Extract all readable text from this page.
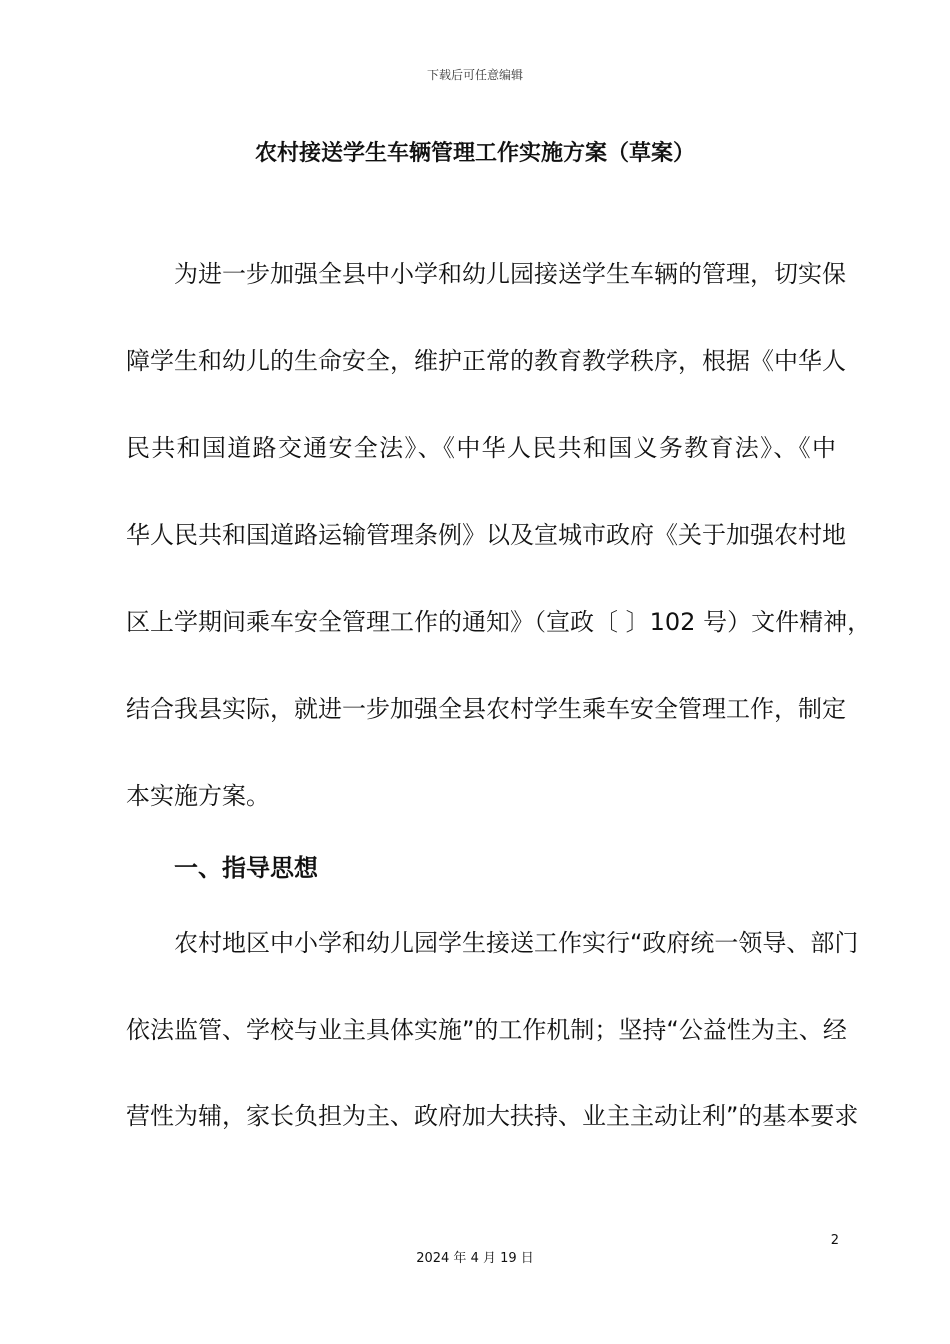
下载后可任意编辑
农村接送学生车辆管理工作实施方案（草案）
为进一步加强全县中小学和幼儿园接送学生车辆的管理，切实保
障学生和幼儿的生命安全，维护正常的教育教学秩序，根据《中华人
民共和国道路交通安全法》、《中华人民共和国义务教育法》、《中
华人民共和国道路运输管理条例》以及宣城市政府《关于加强农村地
区上学期间乘车安全管理工作的通知》（宣政〔 〕102 号）文件精神，
结合我县实际，就进一步加强全县农村学生乘车安全管理工作，制定
本实施方案。
一、指导思想
农村地区中小学和幼儿园学生接送工作实行“政府统一领导、部门
依法监管、学校与业主具体实施”的工作机制；坚持“公益性为主、经
营性为辅，家长负担为主、政府加大扶持、业主主动让利”的基本要求
2
2024 年 4 月 19 日
